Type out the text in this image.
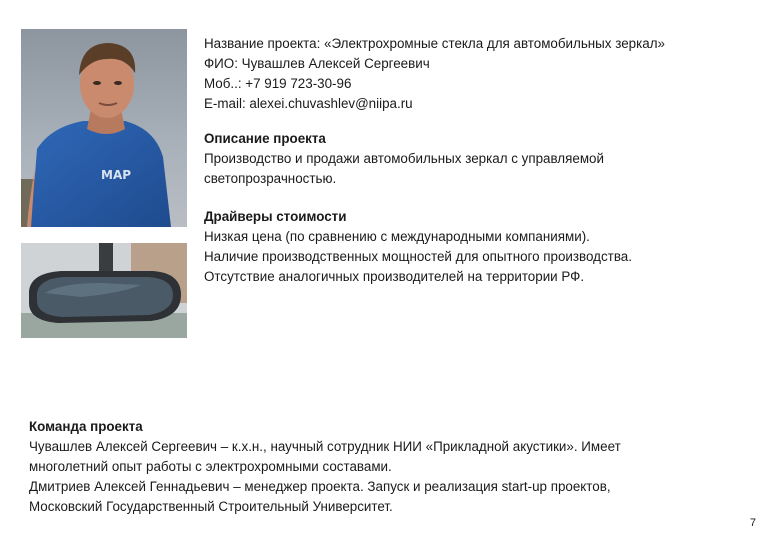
MAP
Название проекта: «Электрохромные стекла для автомобильных зеркал»
ФИО: Чувашлев Алексей Сергеевич
Моб..: +7 919 723-30-96
E-mail: alexei.chuvashlev@niipa.ru
Описание проекта
Производство и продажи автомобильных зеркал с управляемой
светопрозрачностью.
Драйверы стоимости
Низкая цена (по сравнению с международными компаниями).
Наличие производственных мощностей для опытного производства.
Отсутствие аналогичных производителей на территории РФ.
Команда проекта
Чувашлев Алексей Сергеевич – к.х.н., научный сотрудник НИИ «Прикладной акустики». Имеет
многолетний опыт работы с электрохромными составами.
Дмитриев Алексей Геннадьевич – менеджер проекта. Запуск и реализация start-up проектов,
Московский Государственный Строительный Университет.
7
